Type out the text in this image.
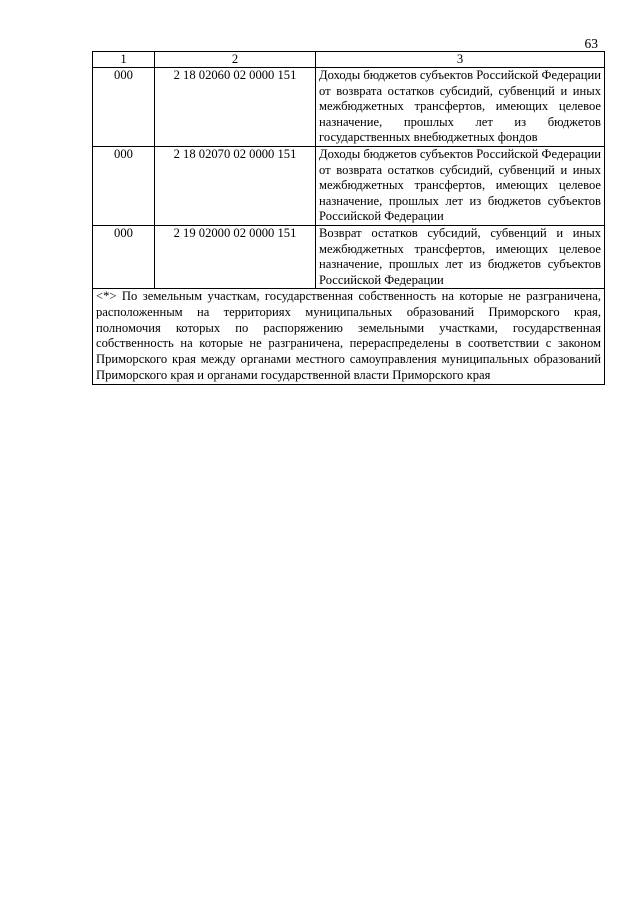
63
1	2	3
000	2 18 02060 02 0000 151	Доходы бюджетов субъектов Российской Федерации от возврата остатков субсидий, субвенций и иных межбюджетных трансфертов, имеющих целевое назначение, прошлых лет из бюджетов государственных внебюджетных фондов
000	2 18 02070 02 0000 151	Доходы бюджетов субъектов Российской Федерации от возврата остатков субсидий, субвенций и иных межбюджетных трансфертов, имеющих целевое назначение, прошлых лет из бюджетов субъектов Российской Федерации
000	2 19 02000 02 0000 151	Возврат остатков субсидий, субвенций и иных межбюджетных трансфертов, имеющих целевое назначение, прошлых лет из бюджетов субъектов Российской Федерации
<*> По земельным участкам, государственная собственность на которые не разграничена, расположенным на территориях муниципальных образований Приморского края, полномочия которых по распоряжению земельными участками, государственная собственность на которые не разграничена, перераспределены в соответствии с законом Приморского края между органами местного самоуправления муниципальных образований Приморского края и органами государственной власти Приморского края		
